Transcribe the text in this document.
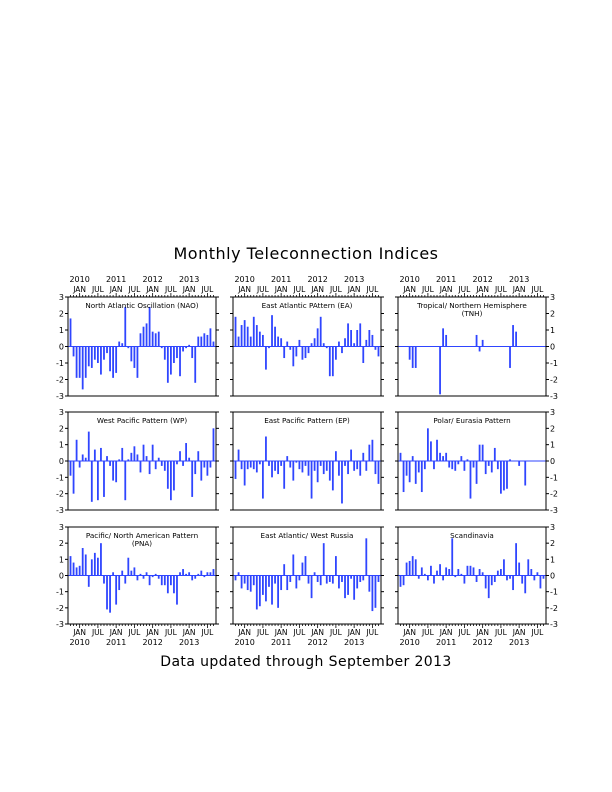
Monthly Teleconnection Indices
North Atlantic Oscillation (NAO)
-3
-2
-1
0
1
2
3
JAN JUL JAN JUL JAN JUL JAN JUL
2010 2011 2012 2013
East Atlantic PAttern (EA)
JAN JUL JAN JUL JAN JUL JAN JUL
2010 2011 2012 2013
Tropical/ Northern Hemisphere
(TNH)
-3
-2
-1
0
1
2
3
JAN JUL JAN JUL JAN JUL JAN JUL
2010 2011 2012 2013
West Pacific Pattern (WP)
-3
-2
-1
0
1
2
3
East Pacific Pattern (EP)	Polar/ Eurasia Pattern
-3
-2
-1
0
1
2
3
Pacific/ North American Pattern
(PNA)
-3
-2
-1
0
1
2
3
JAN JUL JAN JUL JAN JUL JAN JUL
2010 2011 2012 2013
East Atlantic/ West Russia
JAN JUL JAN JUL JAN JUL JAN JUL
2010 2011 2012 2013
Scandinavia
-3
-2
-1
0
1
2
3
JAN JUL JAN JUL JAN JUL JAN JUL
2010 2011 2012 2013
Data updated through September 2013
